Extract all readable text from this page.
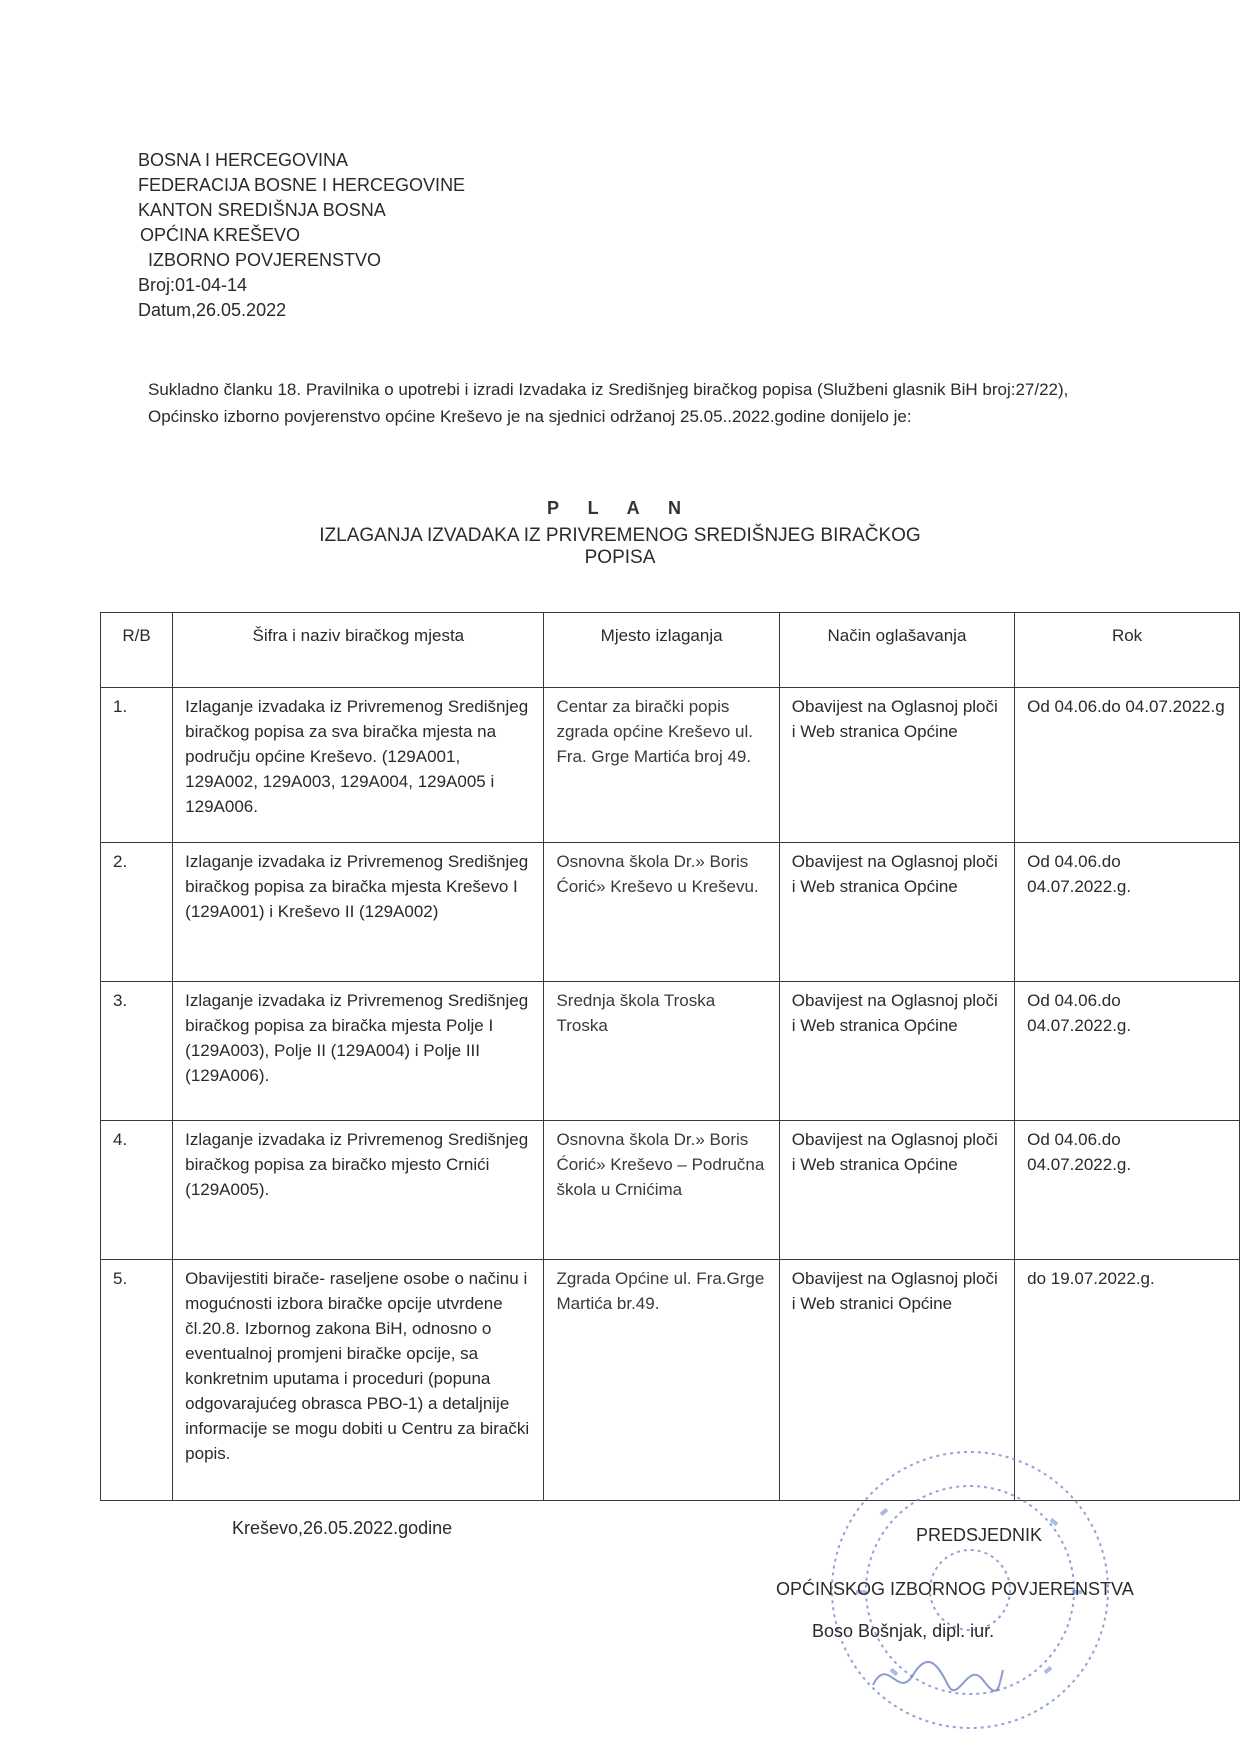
BOSNA I HERCEGOVINA
FEDERACIJA BOSNE I HERCEGOVINE
KANTON SREDIŠNJA BOSNA
OPĆINA KREŠEVO
IZBORNO POVJERENSTVO
Broj:01-04-14
Datum,26.05.2022
Sukladno članku 18. Pravilnika o upotrebi i izradi Izvadaka iz Središnjeg biračkog popisa (Službeni glasnik BiH broj:27/22),
Općinsko izborno povjerenstvo općine Kreševo je na sjednici održanoj 25.05..2022.godine donijelo je:
P L A N
IZLAGANJA IZVADAKA IZ PRIVREMENOG SREDIŠNJEG BIRAČKOG POPISA
R/B	Šifra i naziv biračkog mjesta	Mjesto izlaganja	Način oglašavanja	Rok
1.	Izlaganje izvadaka iz Privremenog Središnjeg biračkog popisa za sva biračka mjesta na području općine Kreševo. (129A001, 129A002, 129A003, 129A004, 129A005 i 129A006.	Centar za birački popis zgrada općine Kreševo ul. Fra. Grge Martića broj 49.	Obavijest na Oglasnoj ploči i Web stranica Općine	Od 04.06.do 04.07.2022.g
2.	Izlaganje izvadaka iz Privremenog Središnjeg biračkog popisa za biračka mjesta Kreševo I (129A001) i Kreševo II (129A002)	Osnovna škola Dr.» Boris Ćorić» Kreševo u Kreševu.	Obavijest na Oglasnoj ploči i Web stranica Općine	Od 04.06.do 04.07.2022.g.
3.	Izlaganje izvadaka iz Privremenog Središnjeg biračkog popisa za biračka mjesta Polje I (129A003), Polje II (129A004) i Polje III (129A006).	Srednja škola Troska Troska	Obavijest na Oglasnoj ploči i Web stranica Općine	Od 04.06.do 04.07.2022.g.
4.	Izlaganje izvadaka iz Privremenog Središnjeg biračkog popisa za biračko mjesto Crnići (129A005).	Osnovna škola Dr.» Boris Ćorić» Kreševo – Područna škola u Crnićima	Obavijest na Oglasnoj ploči i Web stranica Općine	Od 04.06.do 04.07.2022.g.
5.	Obavijestiti birače- raseljene osobe o načinu i mogućnosti izbora biračke opcije utvrdene čl.20.8. Izbornog zakona BiH, odnosno o eventualnoj promjeni biračke opcije, sa konkretnim uputama i proceduri (popuna odgovarajućeg obrasca PBO-1) a detaljnije informacije se mogu dobiti u Centru za birački popis.	Zgrada Općine ul. Fra.Grge Martića br.49.	Obavijest na Oglasnoj ploči i Web stranici Općine	do 19.07.2022.g.
Kreševo,26.05.2022.godine	PREDSJEDNIK
OPĆINSKOG IZBORNOG POVJERENSTVA
Boso Bošnjak, dipl. iur.
